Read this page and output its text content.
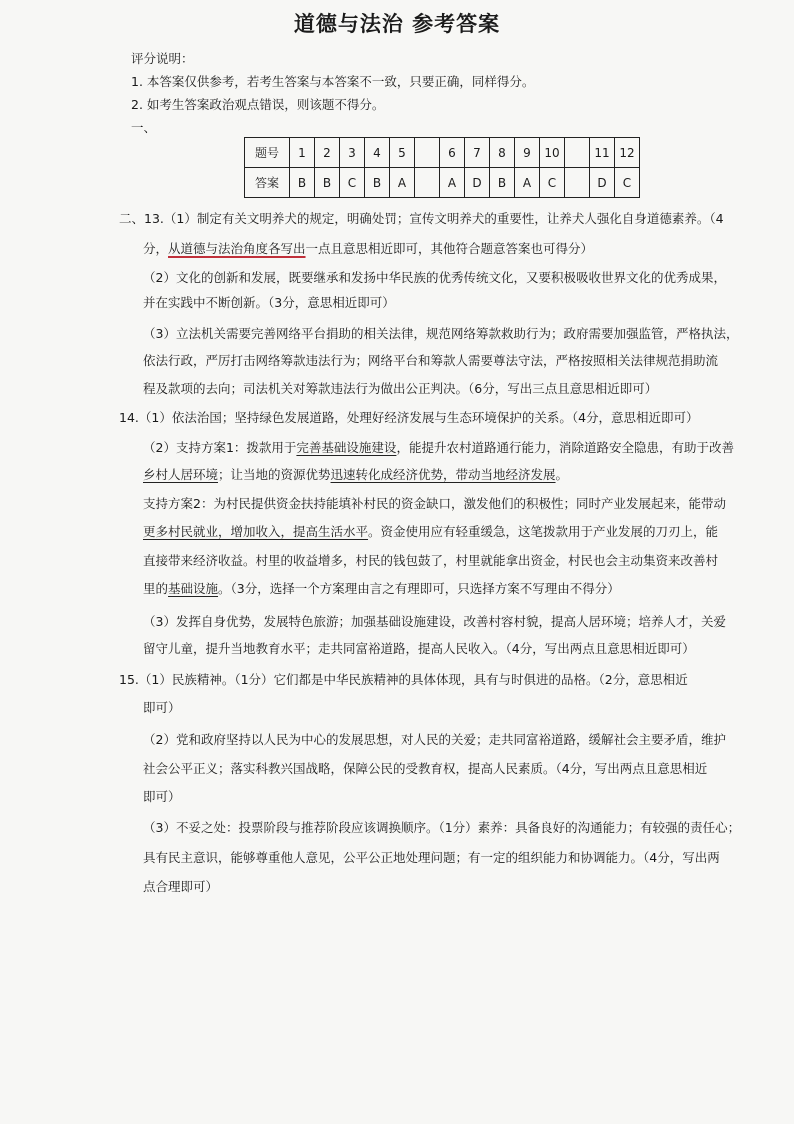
道德与法治 参考答案
评分说明：
1. 本答案仅供参考，若考生答案与本答案不一致，只要正确，同样得分。
2. 如考生答案政治观点错误，则该题不得分。
一、
题号	1	2	3	4	5		6	7	8	9	10		11	12
答案	B	B	C	B	A		A	D	B	A	C		D	C
二、13.（1）制定有关文明养犬的规定，明确处罚；宣传文明养犬的重要性，让养犬人强化自身道德素养。（4
分，从道德与法治角度各写出一点且意思相近即可，其他符合题意答案也可得分）
（2）文化的创新和发展，既要继承和发扬中华民族的优秀传统文化，又要积极吸收世界文化的优秀成果，
并在实践中不断创新。（3分，意思相近即可）
（3）立法机关需要完善网络平台捐助的相关法律，规范网络筹款救助行为；政府需要加强监管，严格执法，
依法行政，严厉打击网络筹款违法行为；网络平台和筹款人需要尊法守法，严格按照相关法律规范捐助流
程及款项的去向；司法机关对筹款违法行为做出公正判决。（6分，写出三点且意思相近即可）
14.（1）依法治国；坚持绿色发展道路，处理好经济发展与生态环境保护的关系。（4分，意思相近即可）
（2）支持方案1：拨款用于完善基础设施建设，能提升农村道路通行能力，消除道路安全隐患，有助于改善
乡村人居环境；让当地的资源优势迅速转化成经济优势，带动当地经济发展。
支持方案2：为村民提供资金扶持能填补村民的资金缺口，激发他们的积极性；同时产业发展起来，能带动
更多村民就业，增加收入，提高生活水平。资金使用应有轻重缓急，这笔拨款用于产业发展的刀刃上，能
直接带来经济收益。村里的收益增多，村民的钱包鼓了，村里就能拿出资金，村民也会主动集资来改善村
里的基础设施。（3分，选择一个方案理由言之有理即可，只选择方案不写理由不得分）
（3）发挥自身优势，发展特色旅游；加强基础设施建设，改善村容村貌，提高人居环境；培养人才，关爱
留守儿童，提升当地教育水平；走共同富裕道路，提高人民收入。（4分，写出两点且意思相近即可）
15.（1）民族精神。（1分）它们都是中华民族精神的具体体现，具有与时俱进的品格。（2分，意思相近
即可）
（2）党和政府坚持以人民为中心的发展思想，对人民的关爱；走共同富裕道路，缓解社会主要矛盾，维护
社会公平正义；落实科教兴国战略，保障公民的受教育权，提高人民素质。（4分，写出两点且意思相近
即可）
（3）不妥之处：投票阶段与推荐阶段应该调换顺序。（1分）素养：具备良好的沟通能力；有较强的责任心；
具有民主意识，能够尊重他人意见，公平公正地处理问题；有一定的组织能力和协调能力。（4分，写出两
点合理即可）
